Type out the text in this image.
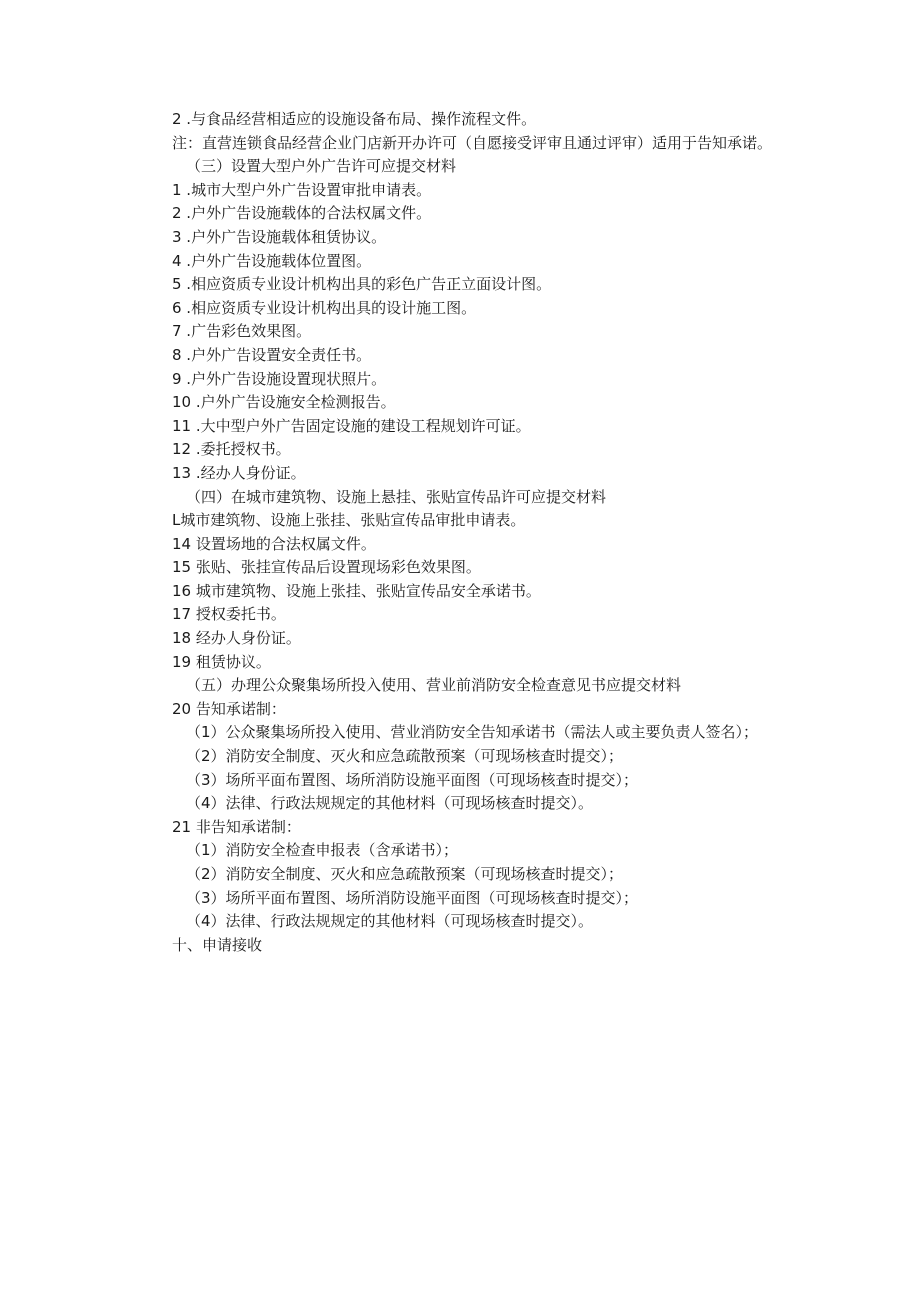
2 .与食品经营相适应的设施设备布局、操作流程文件。
注：直营连锁食品经营企业门店新开办许可（自愿接受评审且通过评审）适用于告知承诺。
（三）设置大型户外广告许可应提交材料
1 .城市大型户外广告设置审批申请表。
2 .户外广告设施载体的合法权属文件。
3 .户外广告设施载体租赁协议。
4 .户外广告设施载体位置图。
5 .相应资质专业设计机构出具的彩色广告正立面设计图。
6 .相应资质专业设计机构出具的设计施工图。
7 .广告彩色效果图。
8 .户外广告设置安全责任书。
9 .户外广告设施设置现状照片。
10 .户外广告设施安全检测报告。
11 .大中型户外广告固定设施的建设工程规划许可证。
12 .委托授权书。
13 .经办人身份证。
（四）在城市建筑物、设施上悬挂、张贴宣传品许可应提交材料
L城市建筑物、设施上张挂、张贴宣传品审批申请表。
14 设置场地的合法权属文件。
15 张贴、张挂宣传品后设置现场彩色效果图。
16 城市建筑物、设施上张挂、张贴宣传品安全承诺书。
17 授权委托书。
18 经办人身份证。
19 租赁协议。
（五）办理公众聚集场所投入使用、营业前消防安全检查意见书应提交材料
20 告知承诺制：
（1）公众聚集场所投入使用、营业消防安全告知承诺书（需法人或主要负责人签名）；
（2）消防安全制度、灭火和应急疏散预案（可现场核查时提交）；
（3）场所平面布置图、场所消防设施平面图（可现场核查时提交）；
（4）法律、行政法规规定的其他材料（可现场核查时提交）。
21 非告知承诺制：
（1）消防安全检查申报表（含承诺书）；
（2）消防安全制度、灭火和应急疏散预案（可现场核查时提交）；
（3）场所平面布置图、场所消防设施平面图（可现场核查时提交）；
（4）法律、行政法规规定的其他材料（可现场核查时提交）。
十、申请接收
